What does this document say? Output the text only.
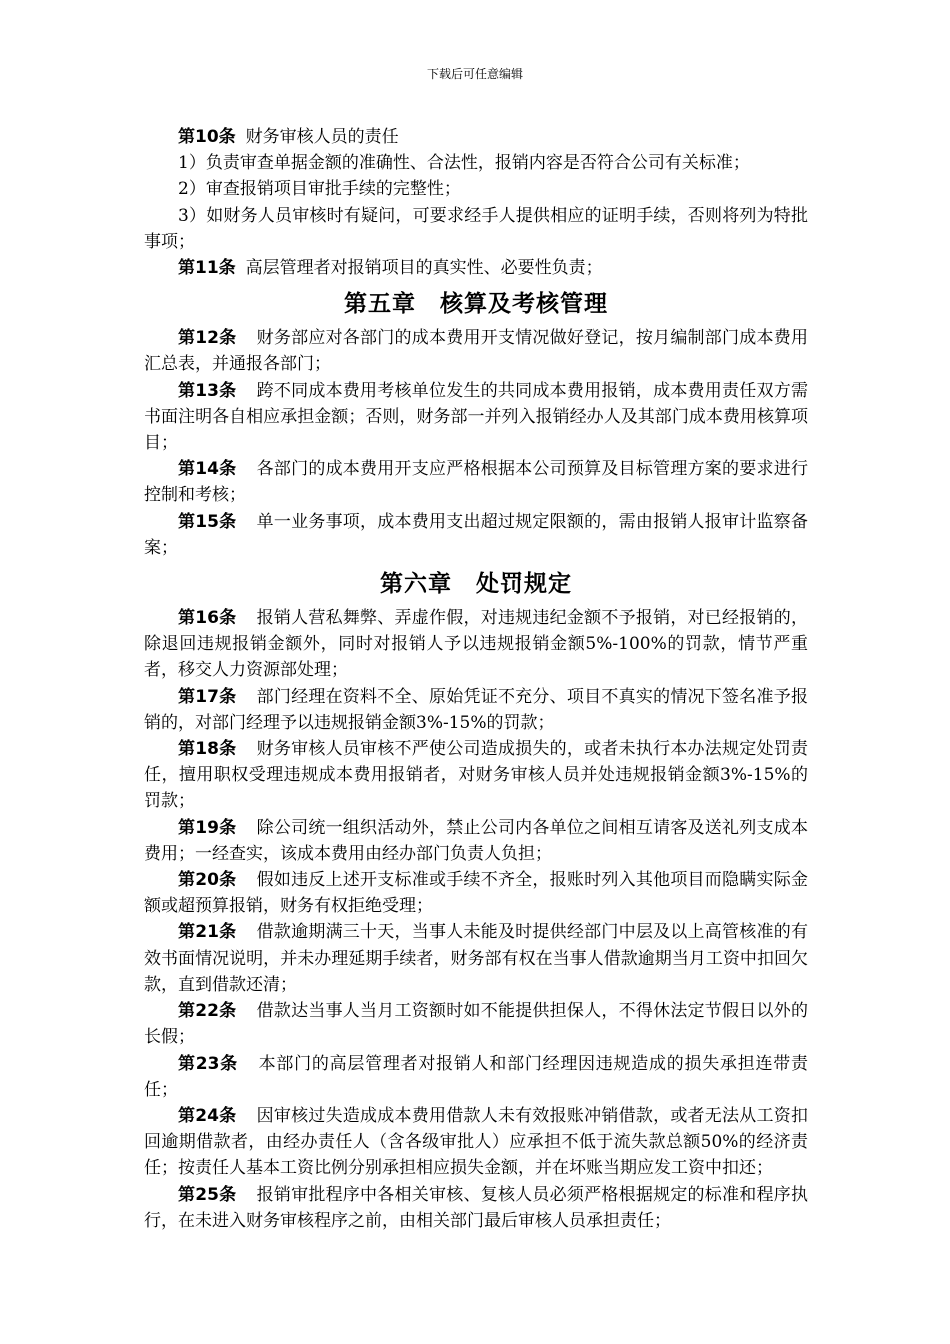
下载后可任意编辑

第10条 财务审核人员的责任

1）负责审查单据金额的准确性、合法性，报销内容是否符合公司有关标准；

2）审查报销项目审批手续的完整性；

3）如财务人员审核时有疑问，可要求经手人提供相应的证明手续，否则将列为特批事项；

第11条 高层管理者对报销项目的真实性、必要性负责；

第五章 核算及考核管理

第12条 财务部应对各部门的成本费用开支情况做好登记，按月编制部门成本费用汇总表，并通报各部门；

第13条 跨不同成本费用考核单位发生的共同成本费用报销，成本费用责任双方需书面注明各自相应承担金额；否则，财务部一并列入报销经办人及其部门成本费用核算项目；

第14条 各部门的成本费用开支应严格根据本公司预算及目标管理方案的要求进行控制和考核；

第15条 单一业务事项，成本费用支出超过规定限额的，需由报销人报审计监察备案；

第六章 处罚规定

第16条 报销人营私舞弊、弄虚作假，对违规违纪金额不予报销，对已经报销的，除退回违规报销金额外，同时对报销人予以违规报销金额5%-100%的罚款，情节严重者，移交人力资源部处理；

第17条 部门经理在资料不全、原始凭证不充分、项目不真实的情况下签名准予报销的，对部门经理予以违规报销金额3%-15%的罚款；

第18条 财务审核人员审核不严使公司造成损失的，或者未执行本办法规定处罚责任，擅用职权受理违规成本费用报销者，对财务审核人员并处违规报销金额3%-15%的罚款；

第19条 除公司统一组织活动外，禁止公司内各单位之间相互请客及送礼列支成本费用；一经查实，该成本费用由经办部门负责人负担；

第20条 假如违反上述开支标准或手续不齐全，报账时列入其他项目而隐瞒实际金额或超预算报销，财务有权拒绝受理；

第21条 借款逾期满三十天，当事人未能及时提供经部门中层及以上高管核准的有效书面情况说明，并未办理延期手续者，财务部有权在当事人借款逾期当月工资中扣回欠款，直到借款还清；

第22条 借款达当事人当月工资额时如不能提供担保人，不得休法定节假日以外的长假；

第23条 本部门的高层管理者对报销人和部门经理因违规造成的损失承担连带责任；

第24条 因审核过失造成成本费用借款人未有效报账冲销借款，或者无法从工资扣回逾期借款者，由经办责任人（含各级审批人）应承担不低于流失款总额50%的经济责任；按责任人基本工资比例分别承担相应损失金额，并在坏账当期应发工资中扣还；

第25条 报销审批程序中各相关审核、复核人员必须严格根据规定的标准和程序执行，在未进入财务审核程序之前，由相关部门最后审核人员承担责任；
